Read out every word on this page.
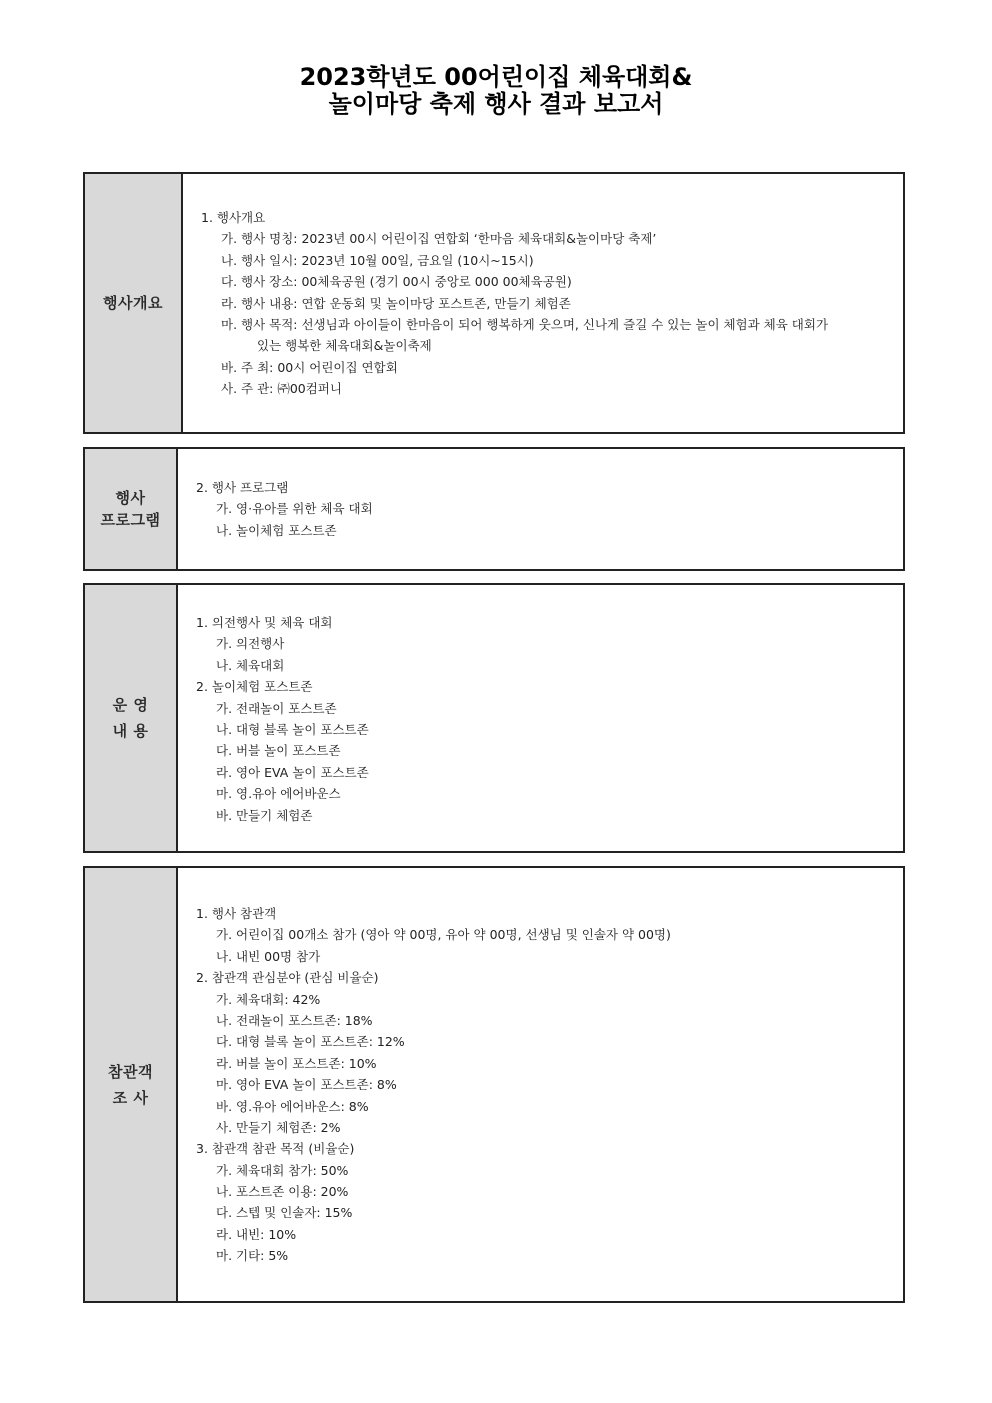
2023학년도 00어린이집 체육대회&
놀이마당 축제 행사 결과 보고서
행사개요
1. 행사개요
가. 행사 명칭: 2023년 00시 어린이집 연합회 ‘한마음 체육대회&놀이마당 축제’
나. 행사 일시: 2023년 10월 00일, 금요일 (10시~15시)
다. 행사 장소: 00체육공원 (경기 00시 중앙로 000 00체육공원)
라. 행사 내용: 연합 운동회 및 놀이마당 포스트존, 만들기 체험존
마. 행사 목적: 선생님과 아이들이 한마음이 되어 행복하게 웃으며, 신나게 즐길 수 있는 놀이 체험과 체육 대회가
있는 행복한 체육대회&놀이축제
바. 주 최: 00시 어린이집 연합회
사. 주 관: ㈜00컴퍼니
행사
프로그램
2. 행사 프로그램
가. 영·유아를 위한 체육 대회
나. 놀이체험 포스트존
운 영
내 용
1. 의전행사 및 체육 대회
가. 의전행사
나. 체육대회
2. 놀이체험 포스트존
가. 전래놀이 포스트존
나. 대형 블록 놀이 포스트존
다. 버블 놀이 포스트존
라. 영아 EVA 놀이 포스트존
마. 영.유아 에어바운스
바. 만들기 체험존
참관객
조 사
1. 행사 참관객
가. 어린이집 00개소 참가 (영아 약 00명, 유아 약 00명, 선생님 및 인솔자 약 00명)
나. 내빈 00명 참가
2. 참관객 관심분야 (관심 비율순)
가. 체육대회: 42%
나. 전래놀이 포스트존: 18%
다. 대형 블록 놀이 포스트존: 12%
라. 버블 놀이 포스트존: 10%
마. 영아 EVA 놀이 포스트존: 8%
바. 영.유아 에어바운스: 8%
사. 만들기 체험존: 2%
3. 참관객 참관 목적 (비율순)
가. 체육대회 참가: 50%
나. 포스트존 이용: 20%
다. 스텝 및 인솔자: 15%
라. 내빈: 10%
마. 기타: 5%
